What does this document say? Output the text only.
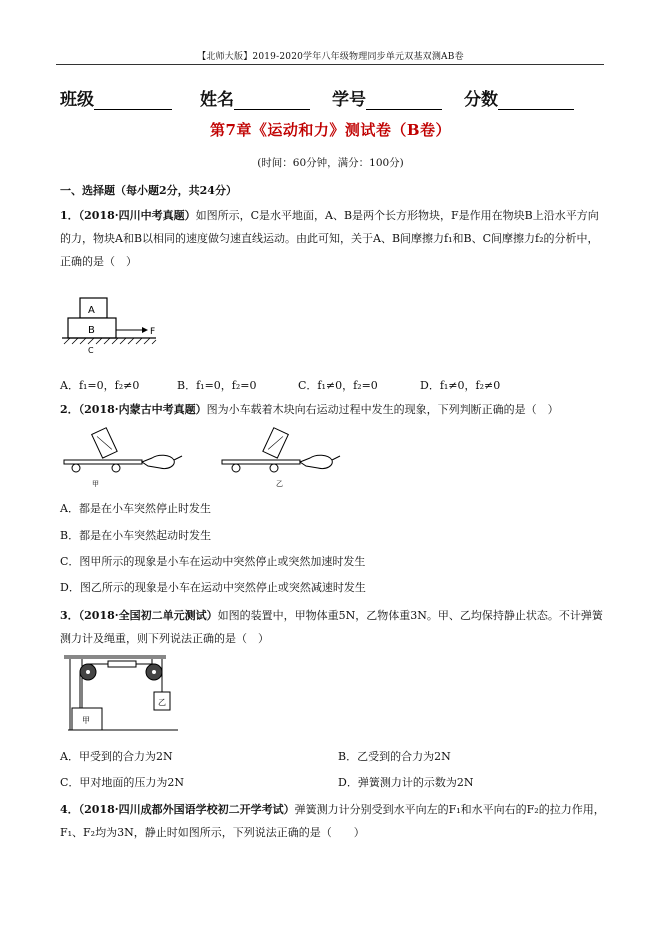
【北师大版】2019-2020学年八年级物理同步单元双基双测AB卷
班级	姓名	学号	分数
第7章《运动和力》测试卷（B卷）
(时间：60分钟，满分：100分)
一、选择题（每小题2分，共24分）
1．（2018·四川中考真题）如图所示，C是水平地面，A、B是两个长方形物块，F是作用在物块B上沿水平方向的力，物块A和B以相同的速度做匀速直线运动。由此可知，关于A、B间摩擦力f₁和B、C间摩擦力f₂的分析中，正确的是（　）
A
B	F
C
A．f₁=0，f₂≠0	B．f₁=0，f₂=0	C．f₁≠0，f₂=0	D．f₁≠0，f₂≠0
2．（2018·内蒙古中考真题）图为小车载着木块向右运动过程中发生的现象，下列判断正确的是（　）
甲	乙
A．都是在小车突然停止时发生
B．都是在小车突然起动时发生
C．图甲所示的现象是小车在运动中突然停止或突然加速时发生
D．图乙所示的现象是小车在运动中突然停止或突然减速时发生
3．（2018·全国初二单元测试）如图的装置中，甲物体重5N，乙物体重3N。甲、乙均保持静止状态。不计弹簧测力计及绳重，则下列说法正确的是（　）
甲
乙
A．甲受到的合力为2N	B．乙受到的合力为2N
C．甲对地面的压力为2N	D．弹簧测力计的示数为2N
4．（2018·四川成都外国语学校初二开学考试）弹簧测力计分别受到水平向左的F₁和水平向右的F₂的拉力作用，F₁、F₂均为3N，静止时如图所示，下列说法正确的是（　　）
